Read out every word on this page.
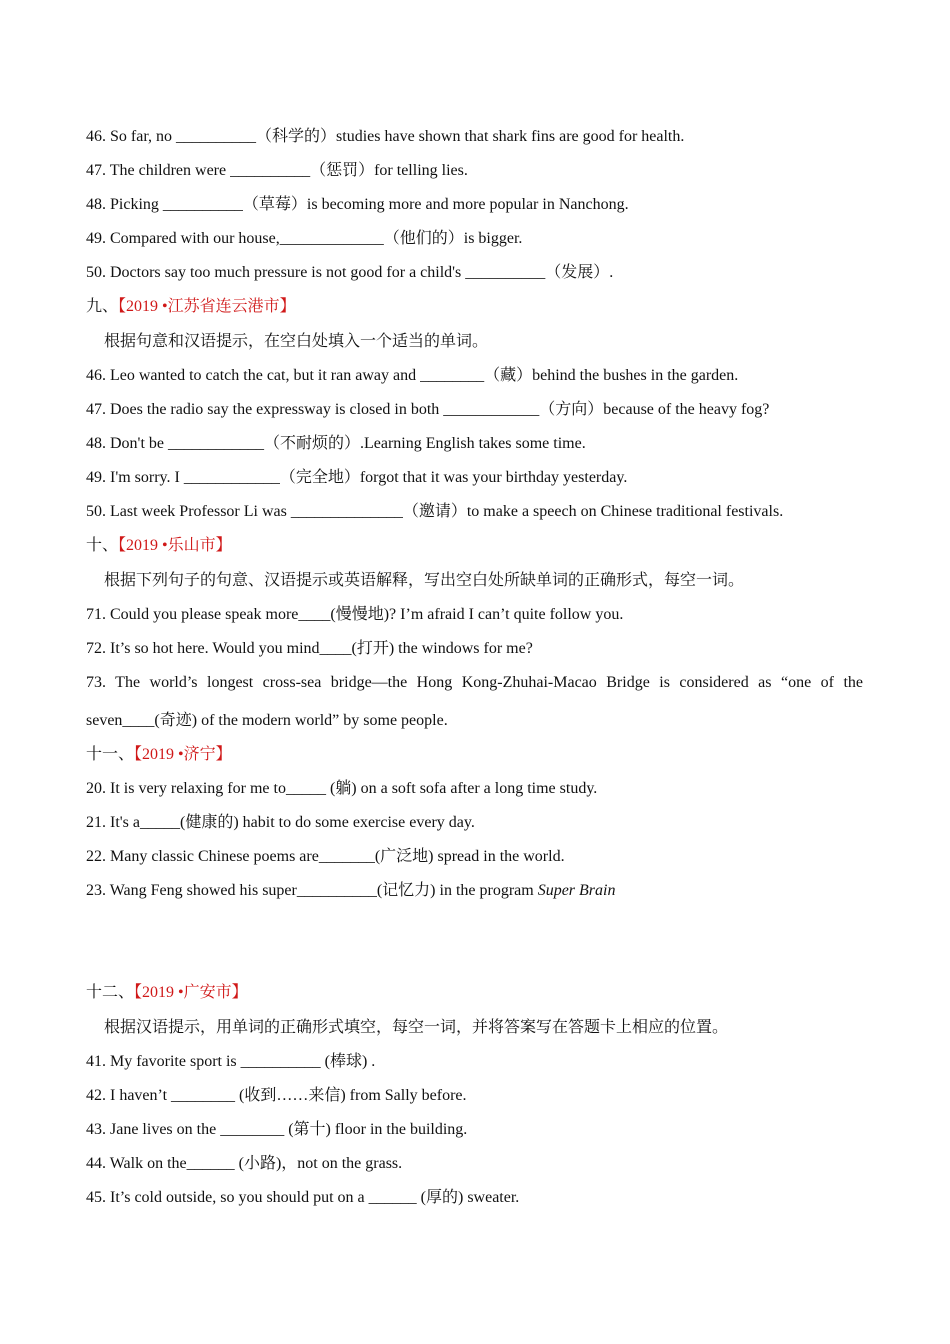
46. So far, no __________（科学的）studies have shown that shark fins are good for health.
47. The children were __________（惩罚）for telling lies.
48. Picking __________（草莓）is becoming more and more popular in Nanchong.
49. Compared with our house,_____________（他们的）is bigger.
50. Doctors say too much pressure is not good for a child's __________（发展）.
九、【2019 •江苏省连云港市】
根据句意和汉语提示，在空白处填入一个适当的单词。
46. Leo wanted to catch the cat, but it ran away and ________（藏）behind the bushes in the garden.
47. Does the radio say the expressway is closed in both ____________（方向）because of the heavy fog?
48. Don't be ____________（不耐烦的）.Learning English takes some time.
49. I'm sorry. I ____________（完全地）forgot that it was your birthday yesterday.
50. Last week Professor Li was ______________（邀请）to make a speech on Chinese traditional festivals.
十、【2019 •乐山市】
根据下列句子的句意、汉语提示或英语解释，写出空白处所缺单词的正确形式，每空一词。
71. Could you please speak more____(慢慢地)? I’m afraid I can’t quite follow you.
72. It’s so hot here. Would you mind____(打开) the windows for me?
73. The world’s longest cross-sea bridge—the Hong Kong-Zhuhai-Macao Bridge is considered as “one of the
seven____(奇迹) of the modern world” by some people.
十一、【2019 •济宁】
20. It is very relaxing for me to_____ (躺) on a soft sofa after a long time study.
21. It's a_____(健康的) habit to do some exercise every day.
22. Many classic Chinese poems are_______(广泛地) spread in the world.
23. Wang Feng showed his super__________(记忆力) in the program Super Brain
十二、【2019 •广安市】
根据汉语提示，用单词的正确形式填空，每空一词，并将答案写在答题卡上相应的位置。
41. My favorite sport is __________ (棒球) .
42. I haven’t ________ (收到……来信) from Sally before.
43. Jane lives on the ________ (第十) floor in the building.
44. Walk on the______ (小路)，not on the grass.
45. It’s cold outside, so you should put on a ______ (厚的) sweater.
